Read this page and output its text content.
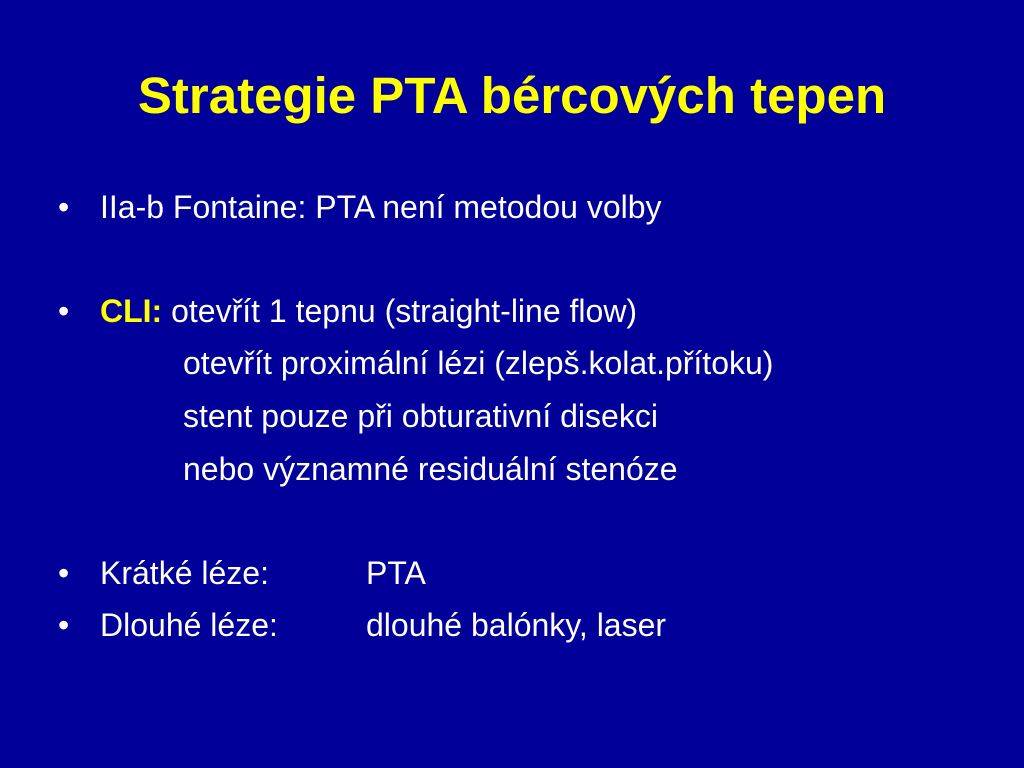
Strategie PTA bércových tepen
• IIa-b Fontaine: PTA není metodou volby
• CLI: otevřít 1 tepnu (straight-line flow)
otevřít proximální lézi (zlepš.kolat.přítoku)
stent pouze při obturativní disekci
nebo významné residuální stenóze
• Krátké léze:	PTA
• Dlouhé léze:	dlouhé balónky, laser
